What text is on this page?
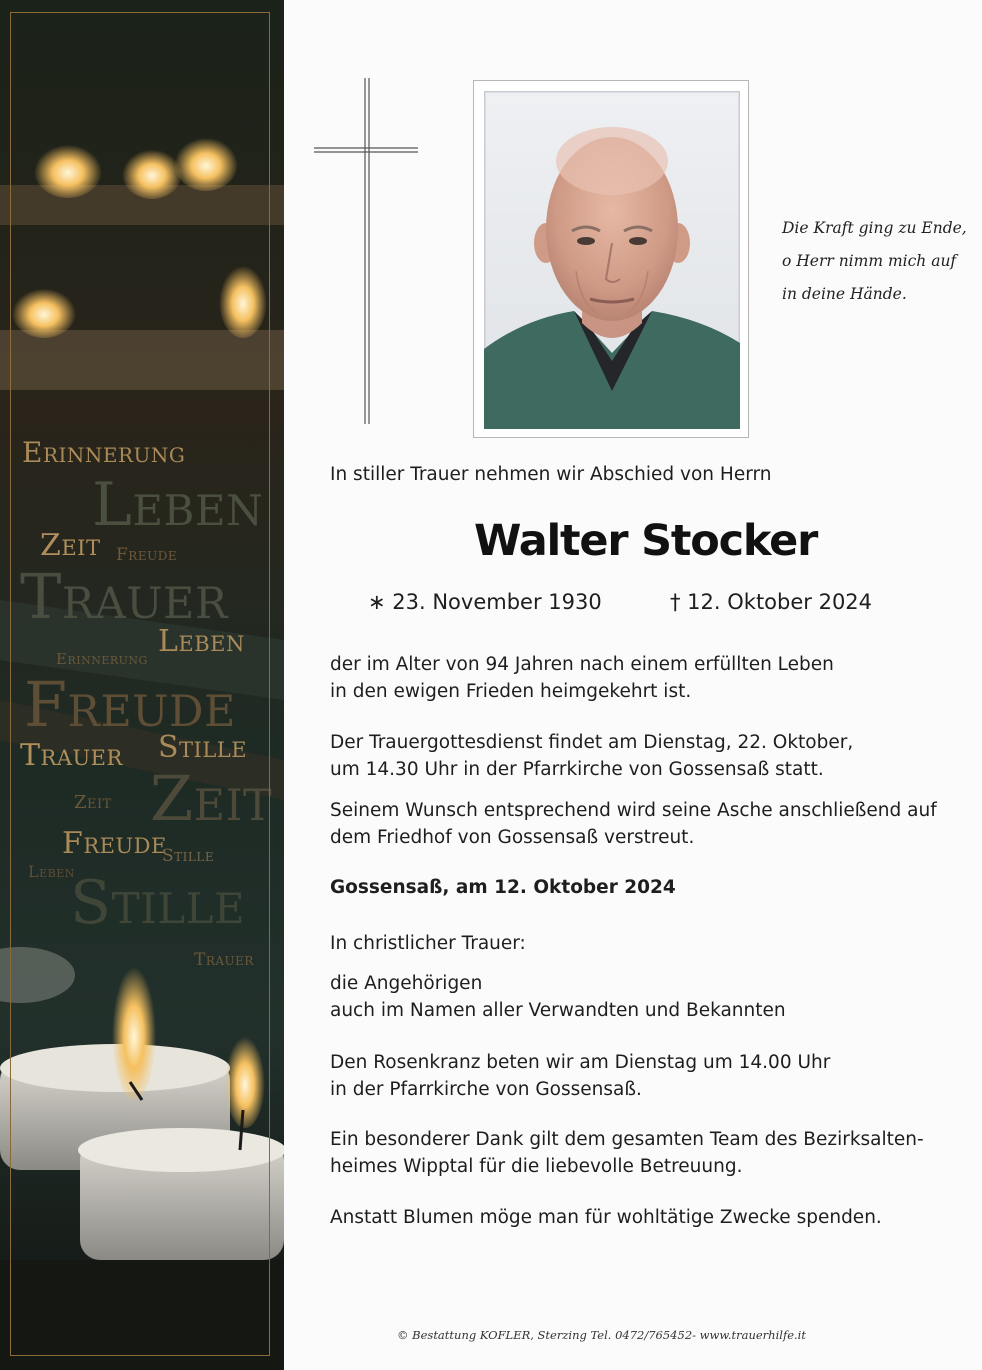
Erinnerung
Leben
Zeit Freude
Trauer
Leben
Erinnerung
Freude
Trauer Stille
Zeit
Zeit
Freude
Stille
Leben
Stille
Trauer
Die Kraft ging zu Ende,
o Herr nimm mich auf
in deine Hände.
In stiller Trauer nehmen wir Abschied von Herrn
Walter Stocker
∗ 23. November 1930	† 12. Oktober 2024
der im Alter von 94 Jahren nach einem erfüllten Leben
in den ewigen Frieden heimgekehrt ist.
Der Trauergottesdienst findet am Dienstag, 22. Oktober,
um 14.30 Uhr in der Pfarrkirche von Gossensaß statt.
Seinem Wunsch entsprechend wird seine Asche anschließend auf
dem Friedhof von Gossensaß verstreut.
Gossensaß, am 12. Oktober 2024
In christlicher Trauer:
die Angehörigen
auch im Namen aller Verwandten und Bekannten
Den Rosenkranz beten wir am Dienstag um 14.00 Uhr
in der Pfarrkirche von Gossensaß.
Ein besonderer Dank gilt dem gesamten Team des Bezirksalten-
heimes Wipptal für die liebevolle Betreuung.
Anstatt Blumen möge man für wohltätige Zwecke spenden.
© Bestattung KOFLER, Sterzing Tel. 0472/765452- www.trauerhilfe.it
